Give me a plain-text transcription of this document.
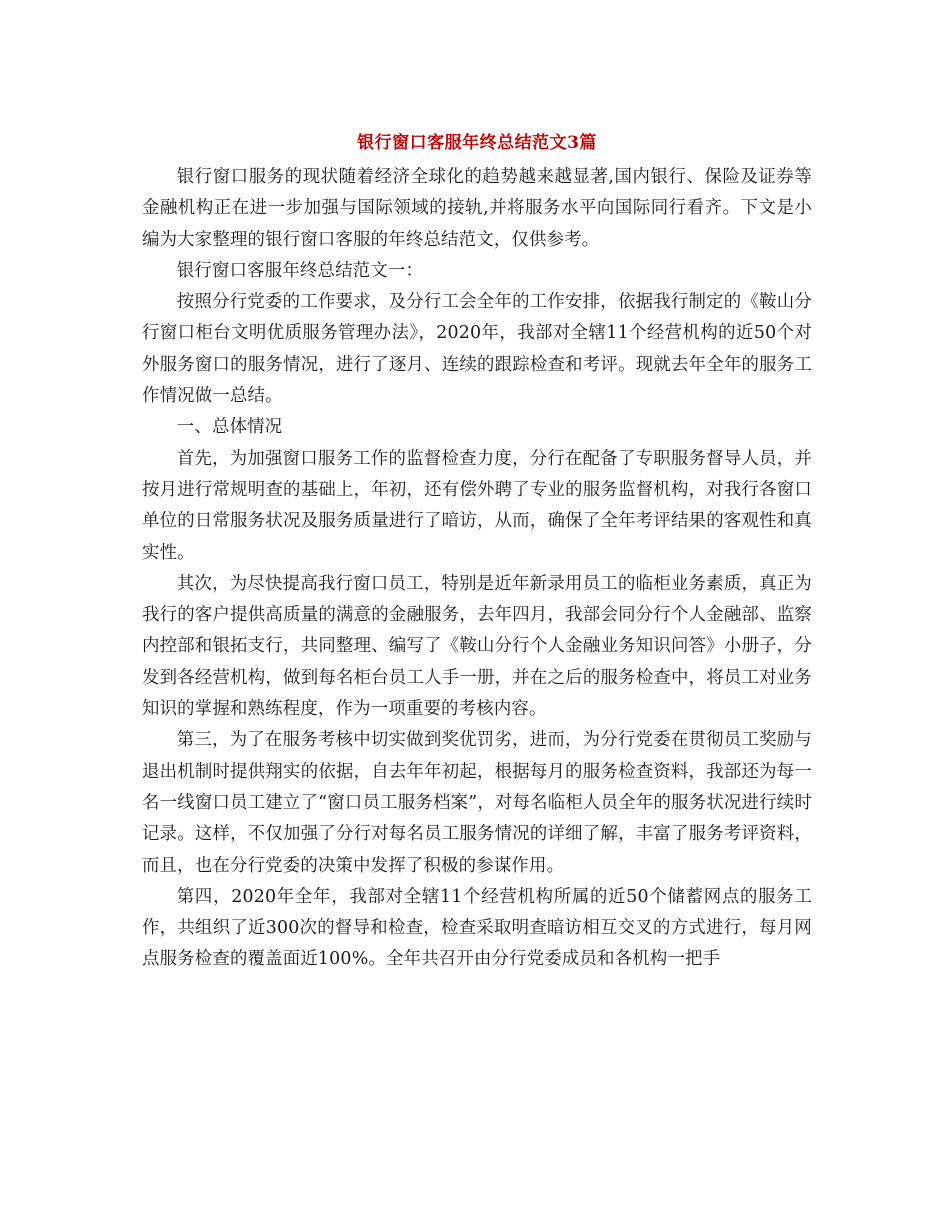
银行窗口客服年终总结范文3篇

银行窗口服务的现状随着经济全球化的趋势越来越显著,国内银行、保险及证券等金融机构正在进一步加强与国际领域的接轨,并将服务水平向国际同行看齐。下文是小编为大家整理的银行窗口客服的年终总结范文，仅供参考。

银行窗口客服年终总结范文一：

按照分行党委的工作要求，及分行工会全年的工作安排，依据我行制定的《鞍山分行窗口柜台文明优质服务管理办法》，2020年，我部对全辖11个经营机构的近50个对外服务窗口的服务情况，进行了逐月、连续的跟踪检查和考评。现就去年全年的服务工作情况做一总结。

一、总体情况

首先，为加强窗口服务工作的监督检查力度，分行在配备了专职服务督导人员，并按月进行常规明查的基础上，年初，还有偿外聘了专业的服务监督机构，对我行各窗口单位的日常服务状况及服务质量进行了暗访，从而，确保了全年考评结果的客观性和真实性。

其次，为尽快提高我行窗口员工，特别是近年新录用员工的临柜业务素质，真正为我行的客户提供高质量的满意的金融服务，去年四月，我部会同分行个人金融部、监察内控部和银拓支行，共同整理、编写了《鞍山分行个人金融业务知识问答》小册子，分发到各经营机构，做到每名柜台员工人手一册，并在之后的服务检查中，将员工对业务知识的掌握和熟练程度，作为一项重要的考核内容。

第三，为了在服务考核中切实做到奖优罚劣，进而，为分行党委在贯彻员工奖励与退出机制时提供翔实的依据，自去年年初起，根据每月的服务检查资料，我部还为每一名一线窗口员工建立了“窗口员工服务档案”，对每名临柜人员全年的服务状况进行续时记录。这样，不仅加强了分行对每名员工服务情况的详细了解，丰富了服务考评资料，而且，也在分行党委的决策中发挥了积极的参谋作用。

第四，2020年全年，我部对全辖11个经营机构所属的近50个储蓄网点的服务工作，共组织了近300次的督导和检查，检查采取明查暗访相互交叉的方式进行，每月网点服务检查的覆盖面近100%。全年共召开由分行党委成员和各机构一把手
